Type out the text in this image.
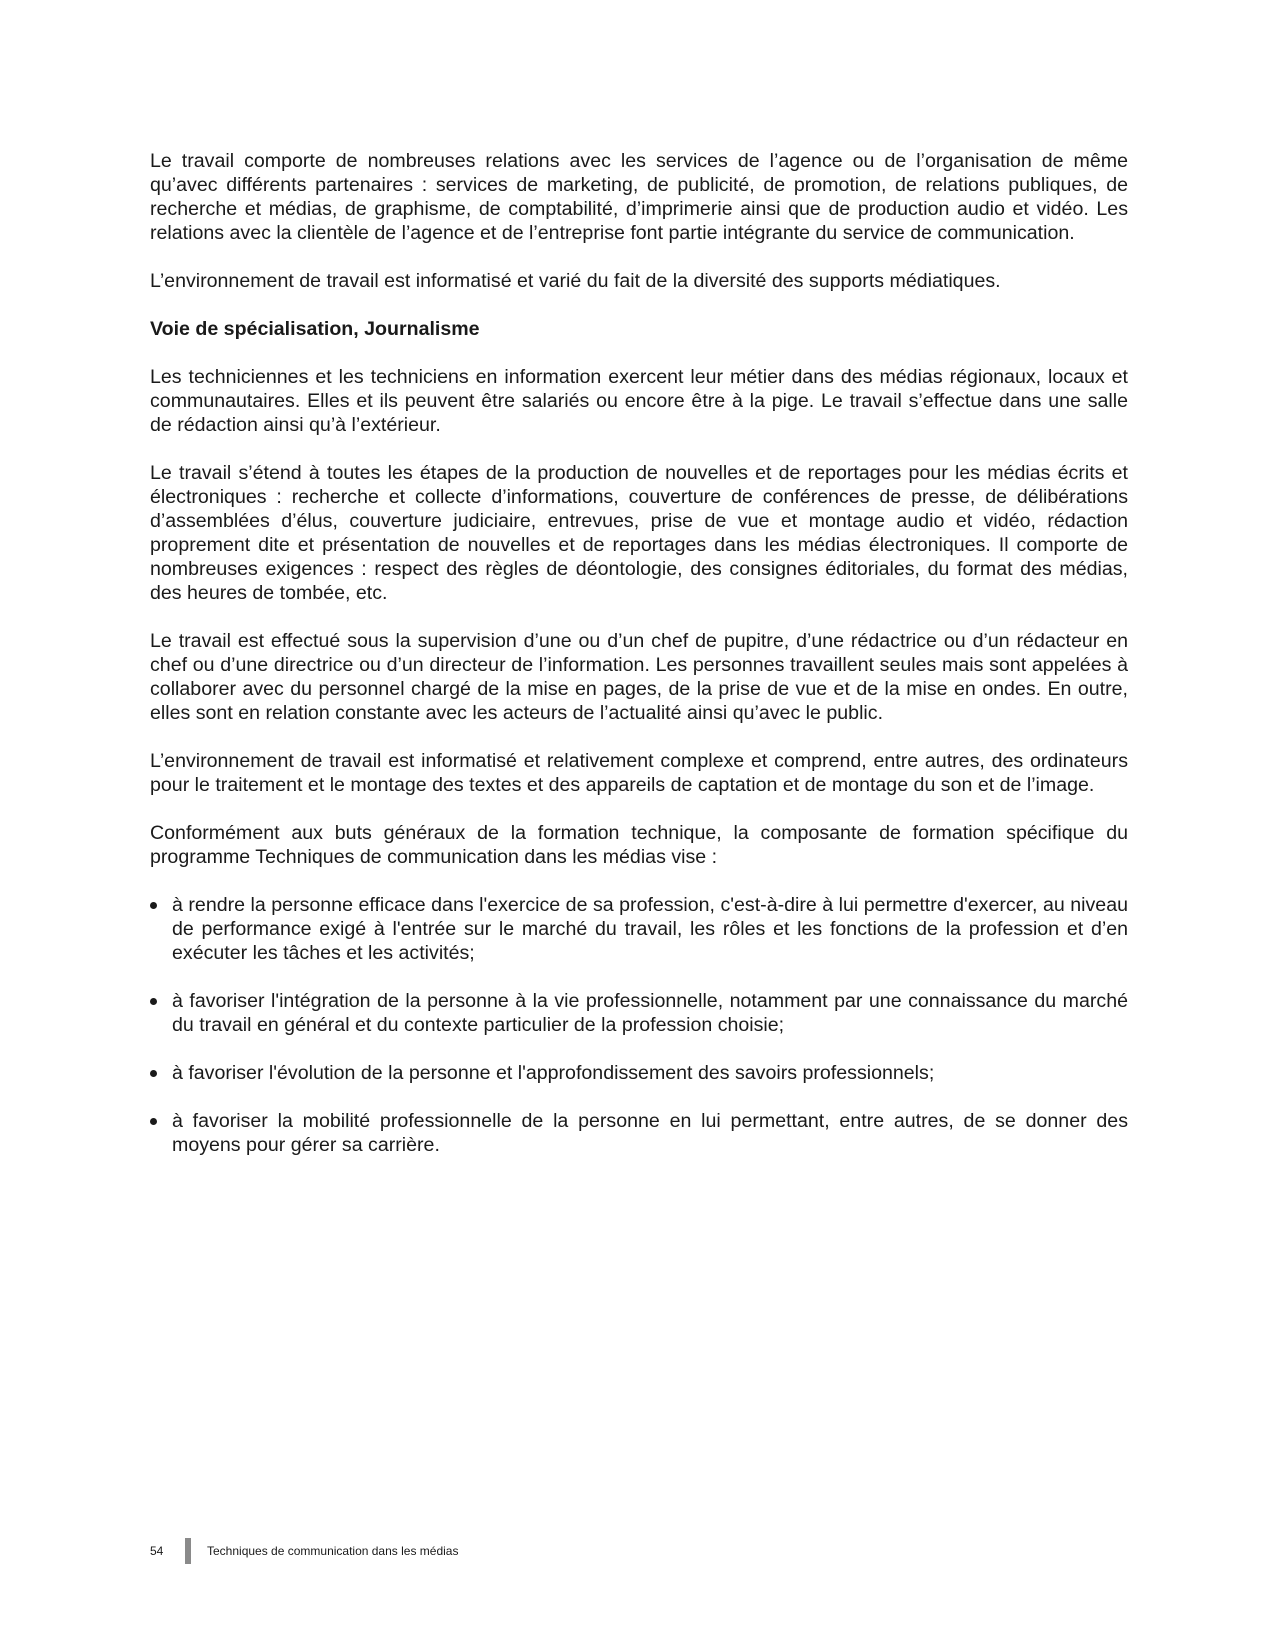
Le travail comporte de nombreuses relations avec les services de l’agence ou de l’organisation de même qu’avec différents partenaires : services de marketing, de publicité, de promotion, de relations publiques, de recherche et médias, de graphisme, de comptabilité, d’imprimerie ainsi que de production audio et vidéo. Les relations avec la clientèle de l’agence et de l’entreprise font partie intégrante du service de communication.

L’environnement de travail est informatisé et varié du fait de la diversité des supports médiatiques.

Voie de spécialisation, Journalisme

Les techniciennes et les techniciens en information exercent leur métier dans des médias régionaux, locaux et communautaires. Elles et ils peuvent être salariés ou encore être à la pige. Le travail s’effectue dans une salle de rédaction ainsi qu’à l’extérieur.

Le travail s’étend à toutes les étapes de la production de nouvelles et de reportages pour les médias écrits et électroniques : recherche et collecte d’informations, couverture de conférences de presse, de délibérations d’assemblées d’élus, couverture judiciaire, entrevues, prise de vue et montage audio et vidéo, rédaction proprement dite et présentation de nouvelles et de reportages dans les médias électroniques. Il comporte de nombreuses exigences : respect des règles de déontologie, des consignes éditoriales, du format des médias, des heures de tombée, etc.

Le travail est effectué sous la supervision d’une ou d’un chef de pupitre, d’une rédactrice ou d’un rédacteur en chef ou d’une directrice ou d’un directeur de l’information. Les personnes travaillent seules mais sont appelées à collaborer avec du personnel chargé de la mise en pages, de la prise de vue et de la mise en ondes. En outre, elles sont en relation constante avec les acteurs de l’actualité ainsi qu’avec le public.

L’environnement de travail est informatisé et relativement complexe et comprend, entre autres, des ordinateurs pour le traitement et le montage des textes et des appareils de captation et de montage du son et de l’image.

Conformément aux buts généraux de la formation technique, la composante de formation spécifique du programme Techniques de communication dans les médias vise :

à rendre la personne efficace dans l'exercice de sa profession, c'est-à-dire à lui permettre d'exercer, au niveau de performance exigé à l'entrée sur le marché du travail, les rôles et les fonctions de la profession et d’en exécuter les tâches et les activités;
à favoriser l'intégration de la personne à la vie professionnelle, notamment par une connaissance du marché du travail en général et du contexte particulier de la profession choisie;
à favoriser l'évolution de la personne et l'approfondissement des savoirs professionnels;
à favoriser la mobilité professionnelle de la personne en lui permettant, entre autres, de se donner des moyens pour gérer sa carrière.
54	Techniques de communication dans les médias
